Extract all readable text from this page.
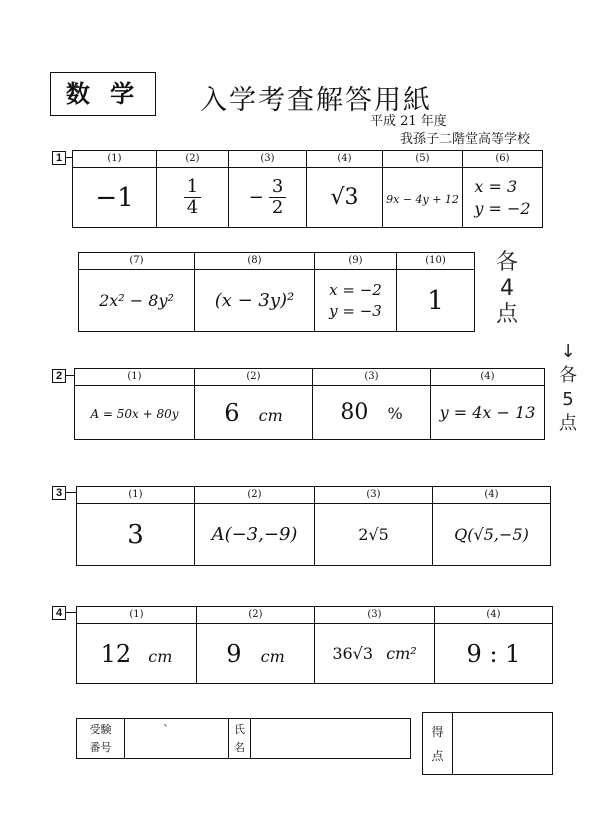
数 学	入学考査解答用紙
平成 21 年度
我孫子二階堂高等学校
1	(1)	(2)	(3)	(4)	(5)	(6)
−1	$\frac{1}{4}$	− $\frac{3}{2}$	√3	9x − 4y + 12	x = 3
y = −2
(7)	(8)	(9)	(10)
2x² − 8y²	(x − 3y)²	x = −2
y = −3	1
各
4
点
2	(1)	(2)	(3)	(4)
A = 50x + 80y	6 cm	80 %	y = 4x − 13
↓
各
5
点
3	(1)	(2)	(3)	(4)
3	A(−3,−9)	2√5	Q(√5,−5)
4	(1)	(2)	(3)	(4)
12 cm	9 cm	36√3 cm²	9 : 1
受験
番号
	ˋ	氏
名

得
点
